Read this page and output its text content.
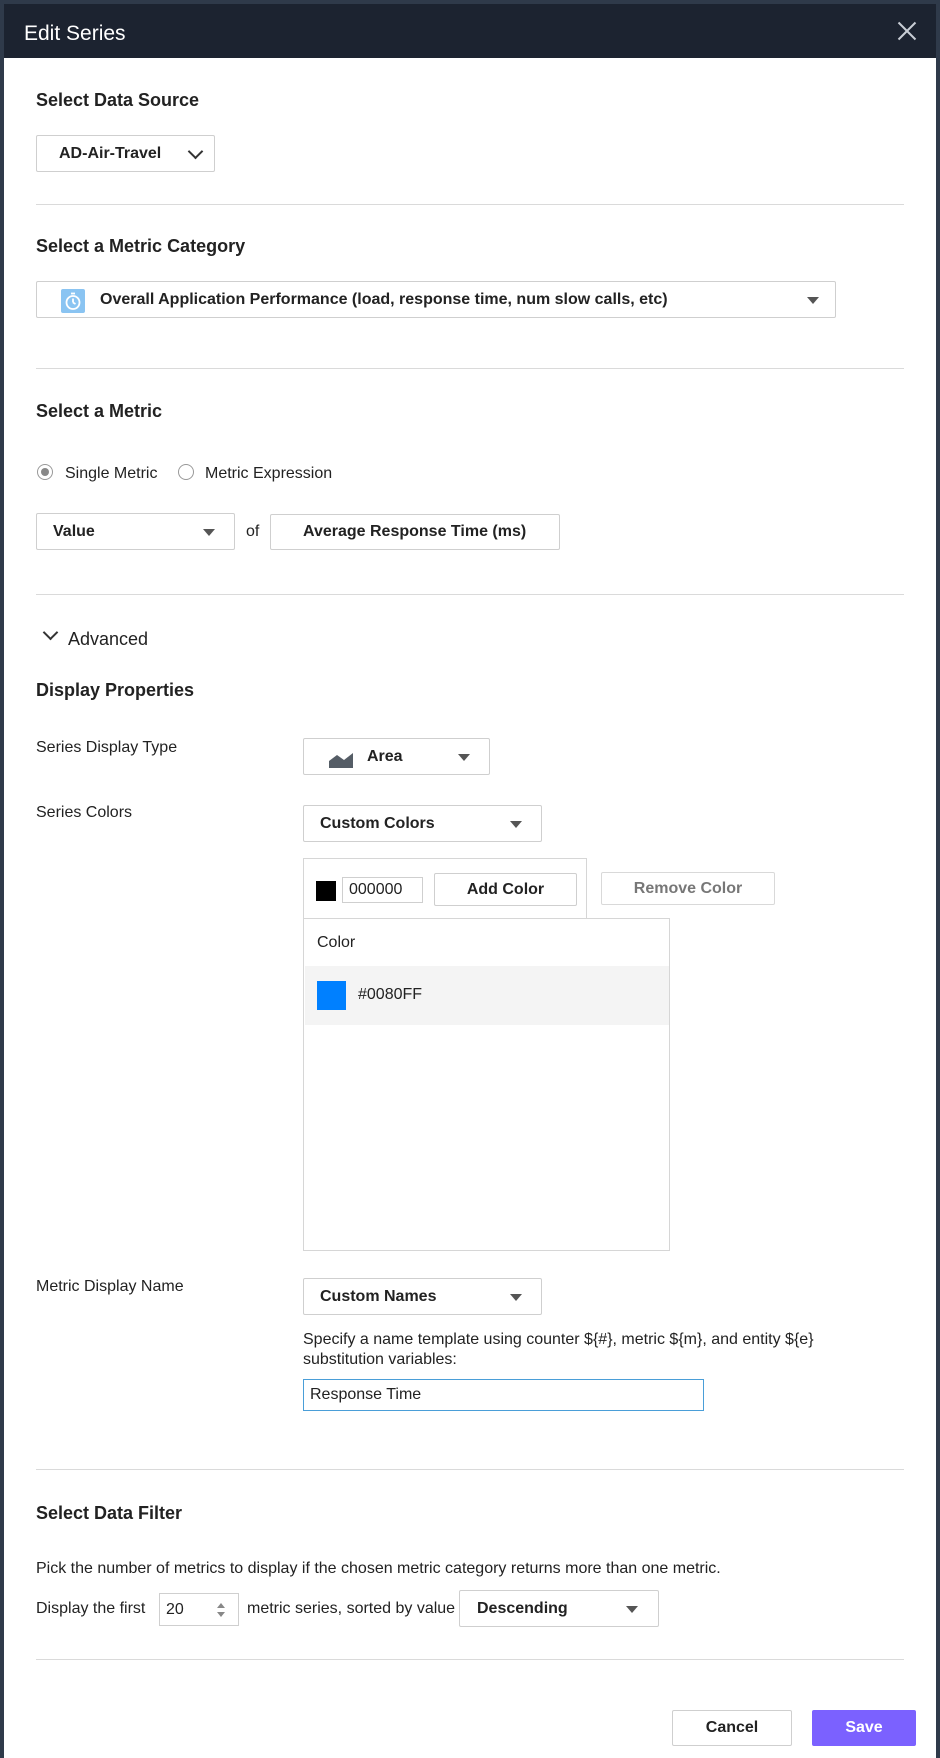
Edit Series
Select Data Source
AD-Air-Travel
Select a Metric Category
Overall Application Performance (load, response time, num slow calls, etc)
Select a Metric
Single Metric	Metric Expression
Value	of	Average Response Time (ms)
Advanced
Display Properties
Series Display Type	Area
Series Colors
Custom Colors
000000
Add Color	Remove Color
Color
#0080FF
Metric Display Name
Custom Names
Specify a name template using counter ${#}, metric ${m}, and entity ${e}
substitution variables:
Response Time
Select Data Filter
Pick the number of metrics to display if the chosen metric category returns more than one metric.
Display the first
20	metric series, sorted by value Descending
Cancel	Save
